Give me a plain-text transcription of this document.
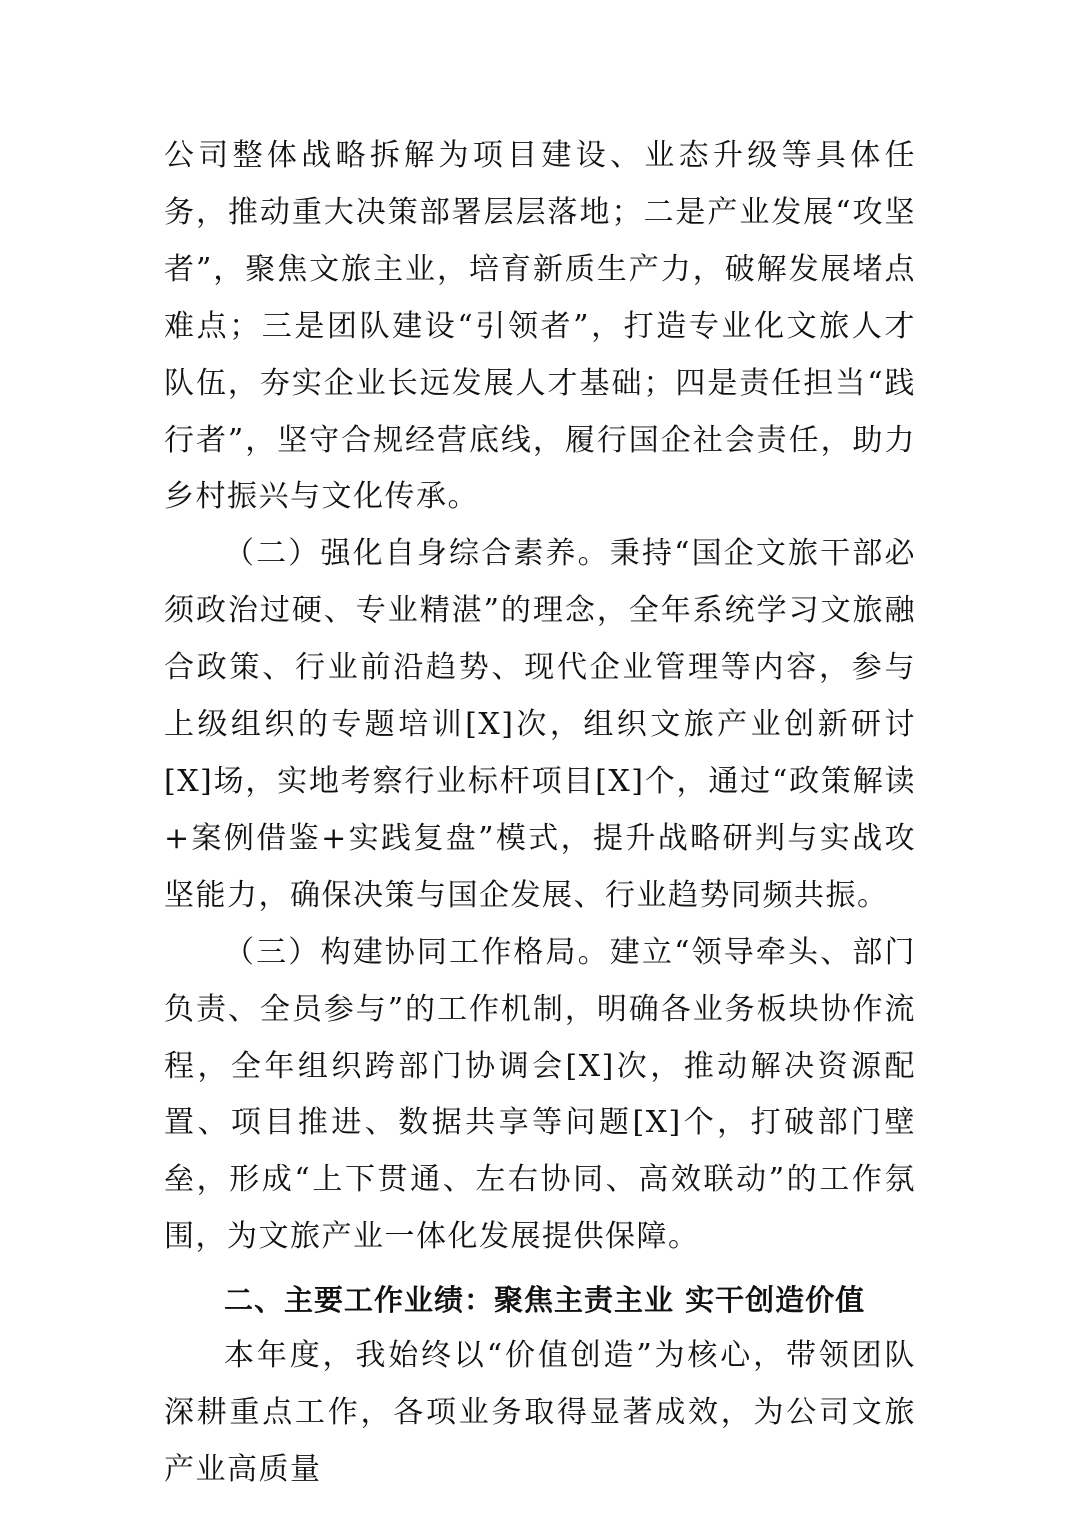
公司整体战略拆解为项目建设、业态升级等具体任务，推动重大决策部署层层落地；二是产业发展“攻坚者”，聚焦文旅主业，培育新质生产力，破解发展堵点难点；三是团队建设“引领者”，打造专业化文旅人才队伍，夯实企业长远发展人才基础；四是责任担当“践行者”，坚守合规经营底线，履行国企社会责任，助力乡村振兴与文化传承。

（二）强化自身综合素养。秉持“国企文旅干部必须政治过硬、专业精湛”的理念，全年系统学习文旅融合政策、行业前沿趋势、现代企业管理等内容，参与上级组织的专题培训[X]次，组织文旅产业创新研讨[X]场，实地考察行业标杆项目[X]个，通过“政策解读+案例借鉴+实践复盘”模式，提升战略研判与实战攻坚能力，确保决策与国企发展、行业趋势同频共振。

（三）构建协同工作格局。建立“领导牵头、部门负责、全员参与”的工作机制，明确各业务板块协作流程，全年组织跨部门协调会[X]次，推动解决资源配置、项目推进、数据共享等问题[X]个，打破部门壁垒，形成“上下贯通、左右协同、高效联动”的工作氛围，为文旅产业一体化发展提供保障。

二、主要工作业绩：聚焦主责主业 实干创造价值

本年度，我始终以“价值创造”为核心，带领团队深耕重点工作，各项业务取得显著成效，为公司文旅产业高质量
